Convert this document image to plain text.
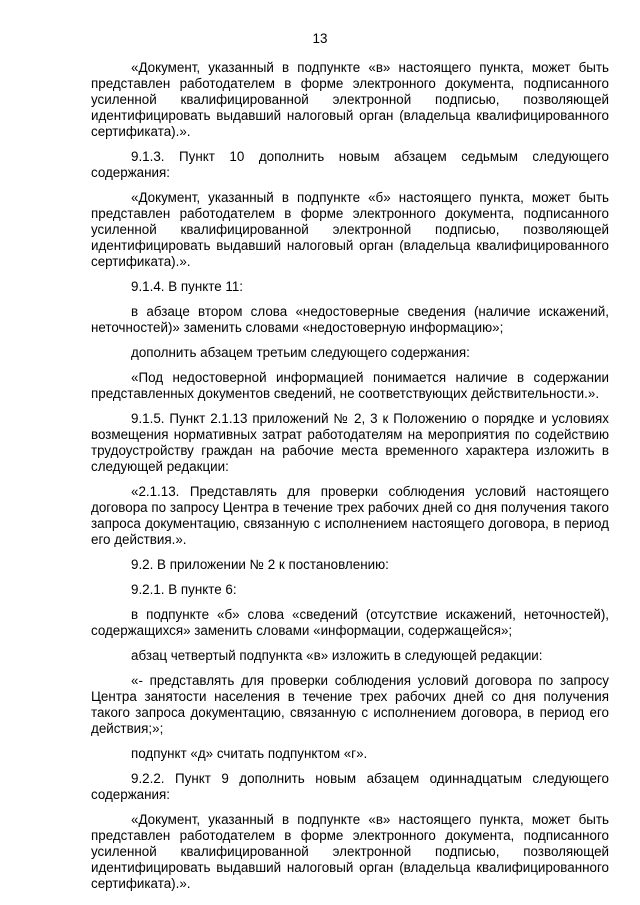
13

«Документ, указанный в подпункте «в» настоящего пункта, может быть представлен работодателем в форме электронного документа, подписанного усиленной квалифицированной электронной подписью, позволяющей идентифицировать выдавший налоговый орган (владельца квалифицированного сертификата).».

9.1.3. Пункт 10 дополнить новым абзацем седьмым следующего содержания:

«Документ, указанный в подпункте «б» настоящего пункта, может быть представлен работодателем в форме электронного документа, подписанного усиленной квалифицированной электронной подписью, позволяющей идентифицировать выдавший налоговый орган (владельца квалифицированного сертификата).».

9.1.4. В пункте 11:

в абзаце втором слова «недостоверные сведения (наличие искажений, неточностей)» заменить словами «недостоверную информацию»;

дополнить абзацем третьим следующего содержания:

«Под недостоверной информацией понимается наличие в содержании представленных документов сведений, не соответствующих действительности.».

9.1.5. Пункт 2.1.13 приложений № 2, 3 к Положению о порядке и условиях возмещения нормативных затрат работодателям на мероприятия по содействию трудоустройству граждан на рабочие места временного характера изложить в следующей редакции:

«2.1.13. Представлять для проверки соблюдения условий настоящего договора по запросу Центра в течение трех рабочих дней со дня получения такого запроса документацию, связанную с исполнением настоящего договора, в период его действия.».

9.2. В приложении № 2 к постановлению:

9.2.1. В пункте 6:

в подпункте «б» слова «сведений (отсутствие искажений, неточностей), содержащихся» заменить словами «информации, содержащейся»;

абзац четвертый подпункта «в» изложить в следующей редакции:

«- представлять для проверки соблюдения условий договора по запросу Центра занятости населения в течение трех рабочих дней со дня получения такого запроса документацию, связанную с исполнением договора, в период его действия;»;

подпункт «д» считать подпунктом «г».

9.2.2. Пункт 9 дополнить новым абзацем одиннадцатым следующего содержания:

«Документ, указанный в подпункте «в» настоящего пункта, может быть представлен работодателем в форме электронного документа, подписанного усиленной квалифицированной электронной подписью, позволяющей идентифицировать выдавший налоговый орган (владельца квалифицированного сертификата).».
